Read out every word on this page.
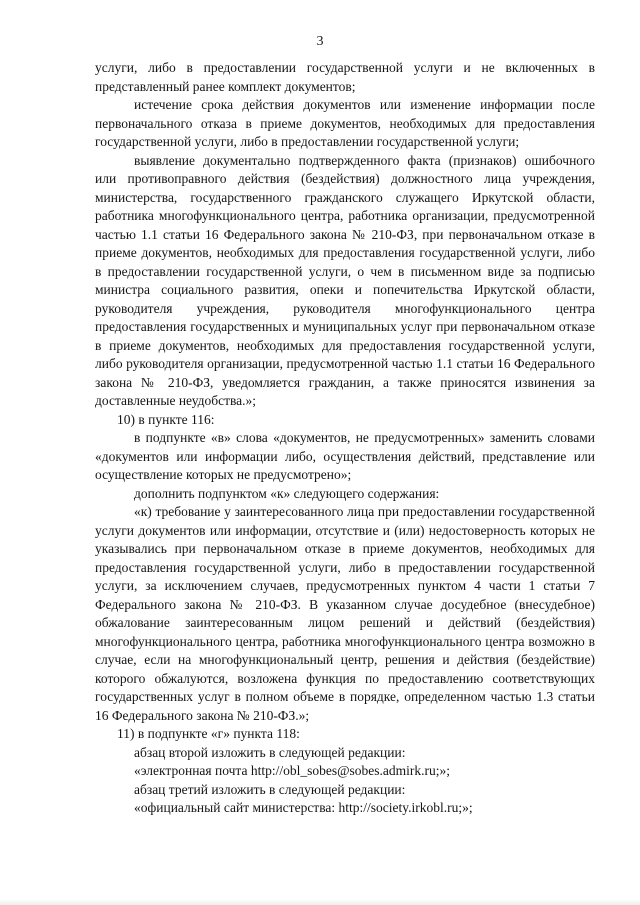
3

услуги, либо в предоставлении государственной услуги и не включенных в представленный ранее комплект документов;

истечение срока действия документов или изменение информации после первоначального отказа в приеме документов, необходимых для предоставления государственной услуги, либо в предоставлении государственной услуги;

выявление документально подтвержденного факта (признаков) ошибочного или противоправного действия (бездействия) должностного лица учреждения, министерства, государственного гражданского служащего Иркутской области, работника многофункционального центра, работника организации, предусмотренной частью 1.1 статьи 16 Федерального закона № 210-ФЗ, при первоначальном отказе в приеме документов, необходимых для предоставления государственной услуги, либо в предоставлении государственной услуги, о чем в письменном виде за подписью министра социального развития, опеки и попечительства Иркутской области, руководителя учреждения, руководителя многофункционального центра предоставления государственных и муниципальных услуг при первоначальном отказе в приеме документов, необходимых для предоставления государственной услуги, либо руководителя организации, предусмотренной частью 1.1 статьи 16 Федерального закона № 210-ФЗ, уведомляется гражданин, а также приносятся извинения за доставленные неудобства.»;

10) в пункте 116:

в подпункте «в» слова «документов, не предусмотренных» заменить словами «документов или информации либо, осуществления действий, представление или осуществление которых не предусмотрено»;

дополнить подпунктом «к» следующего содержания:

«к) требование у заинтересованного лица при предоставлении государственной услуги документов или информации, отсутствие и (или) недостоверность которых не указывались при первоначальном отказе в приеме документов, необходимых для предоставления государственной услуги, либо в предоставлении государственной услуги, за исключением случаев, предусмотренных пунктом 4 части 1 статьи 7 Федерального закона № 210-ФЗ. В указанном случае досудебное (внесудебное) обжалование заинтересованным лицом решений и действий (бездействия) многофункционального центра, работника многофункционального центра возможно в случае, если на многофункциональный центр, решения и действия (бездействие) которого обжалуются, возложена функция по предоставлению соответствующих государственных услуг в полном объеме в порядке, определенном частью 1.3 статьи 16 Федерального закона № 210-ФЗ.»;

11) в подпункте «г» пункта 118:

абзац второй изложить в следующей редакции:

«электронная почта http://obl_sobes@sobes.admirk.ru;»;

абзац третий изложить в следующей редакции:

«официальный сайт министерства: http://society.irkobl.ru;»;
